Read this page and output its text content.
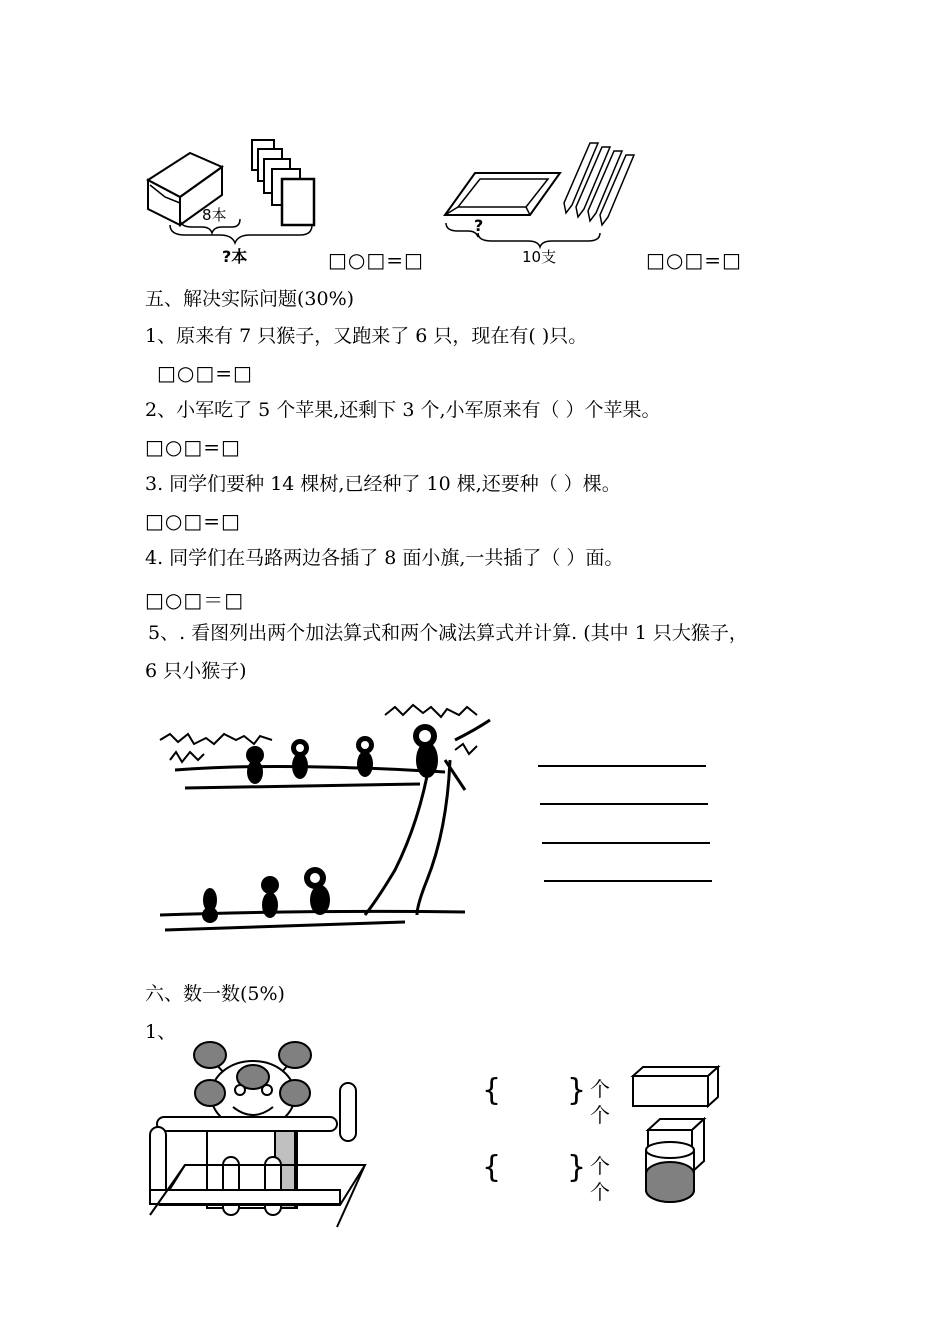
8本
?本	□○□=□
?
10支	□○□=□
五、解决实际问题(30%)
1、原来有 7 只猴子，又跑来了 6 只，现在有( )只。
□○□=□
2、小军吃了 5 个苹果,还剩下 3 个,小军原来有（ ）个苹果。
□○□=□
3. 同学们要种 14 棵树,已经种了 10 棵,还要种（ ）棵。
□○□=□
4. 同学们在马路两边各插了 8 面小旗,一共插了（ ）面。
□○□＝□
5、. 看图列出两个加法算式和两个减法算式并计算. (其中 1 只大猴子，
6 只小猴子)
六、数一数(5%)
1、
{ } 个
个
{ } 个
个
